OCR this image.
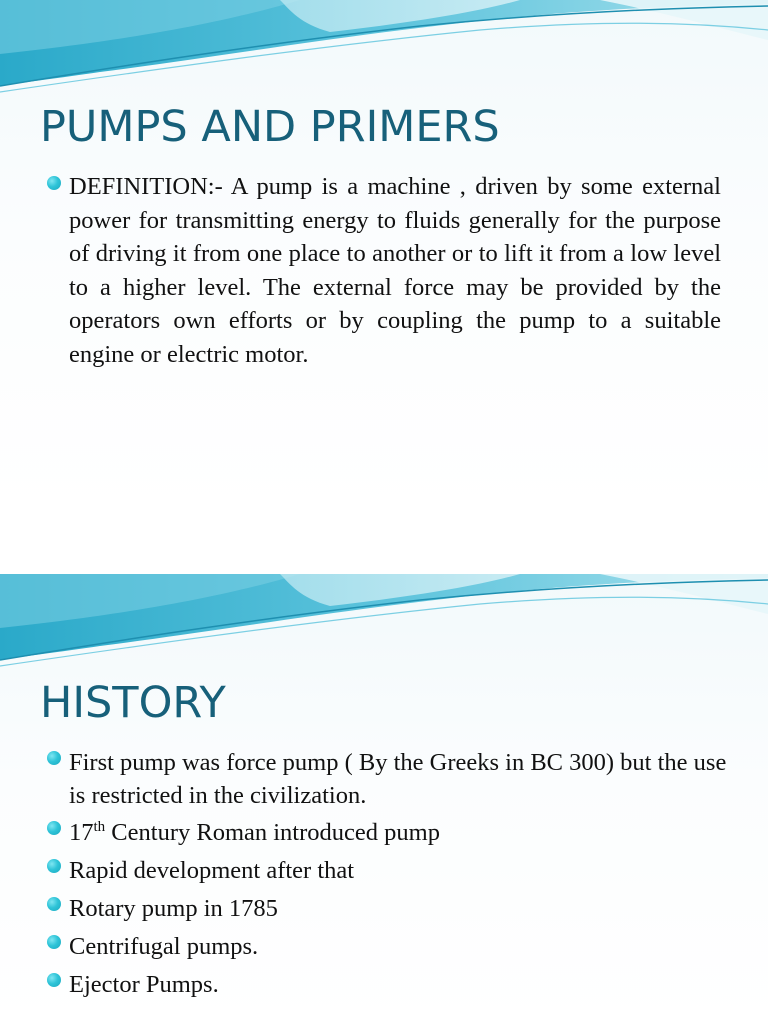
PUMPS AND PRIMERS
DEFINITION:- A pump is a machine , driven by some external power for transmitting energy to fluids generally for the purpose of driving it from one place to another or to lift it from a low level to a higher level. The external force may be provided by the operators own efforts or by coupling the pump to a suitable engine or electric motor.
HISTORY
First pump was force pump ( By the Greeks in BC 300) but the use is restricted in the civilization.
17th Century Roman introduced pump
Rapid development after that
Rotary pump in 1785
Centrifugal pumps.
Ejector Pumps.
